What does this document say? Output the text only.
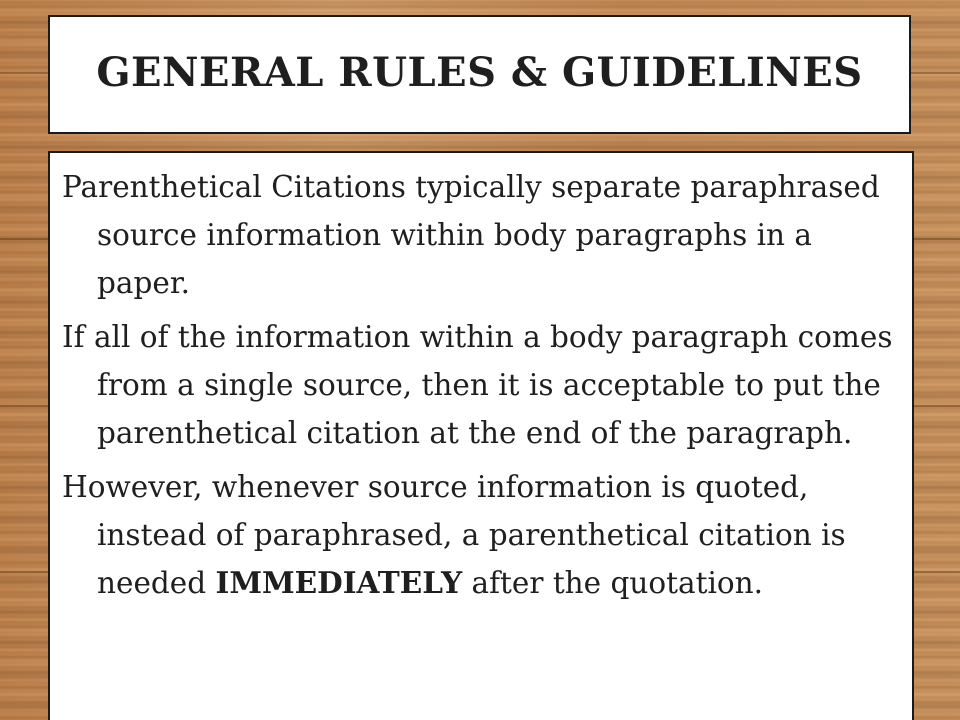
GENERAL RULES & GUIDELINES

Parenthetical Citations typically separate paraphrased source information within body paragraphs in a paper.

If all of the information within a body paragraph comes from a single source, then it is acceptable to put the parenthetical citation at the end of the paragraph.

However, whenever source information is quoted, instead of paraphrased, a parenthetical citation is needed IMMEDIATELY after the quotation.
